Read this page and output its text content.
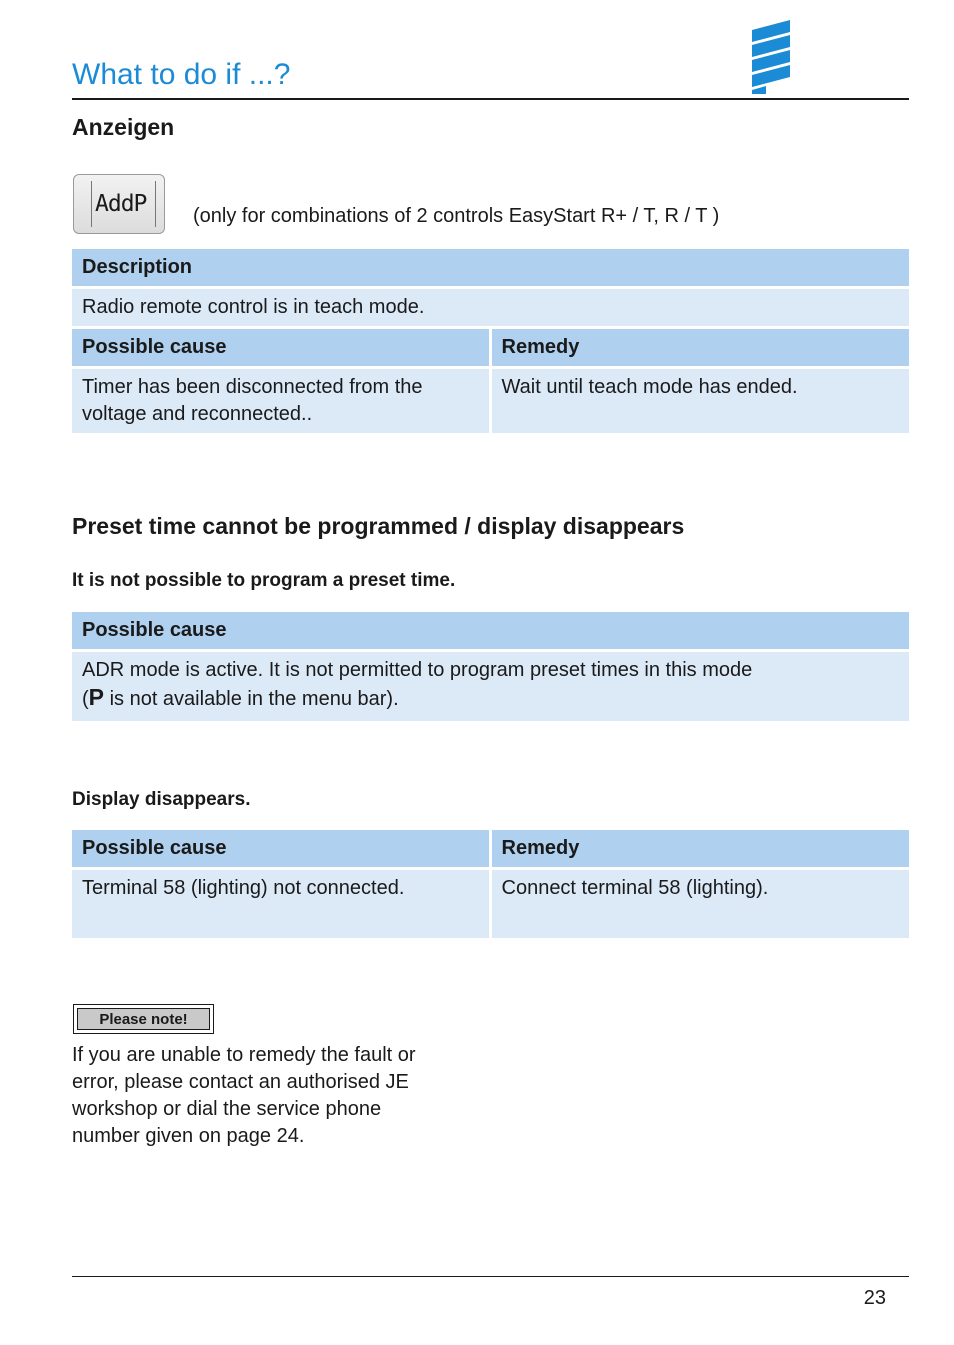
What to do if ...?
Anzeigen
AddP	(only for combinations of 2 controls EasyStart R+ / T, R / T )
Description	
Radio remote control is in teach mode.	
Possible cause	Remedy
Timer has been disconnected from the voltage and reconnected..	Wait until teach mode has ended.
Preset time cannot be programmed / display disappears
It is not possible to program a preset time.
Possible cause
ADR mode is active. It is not permitted to program preset times in this mode
(P is not available in the menu bar).
Display disappears.
Possible cause	Remedy
Terminal 58 (lighting) not connected.	Connect terminal 58 (lighting).
Please note!
If you are unable to remedy the fault or error, please contact an authorised JE workshop or dial the service phone number given on page 24.
23
